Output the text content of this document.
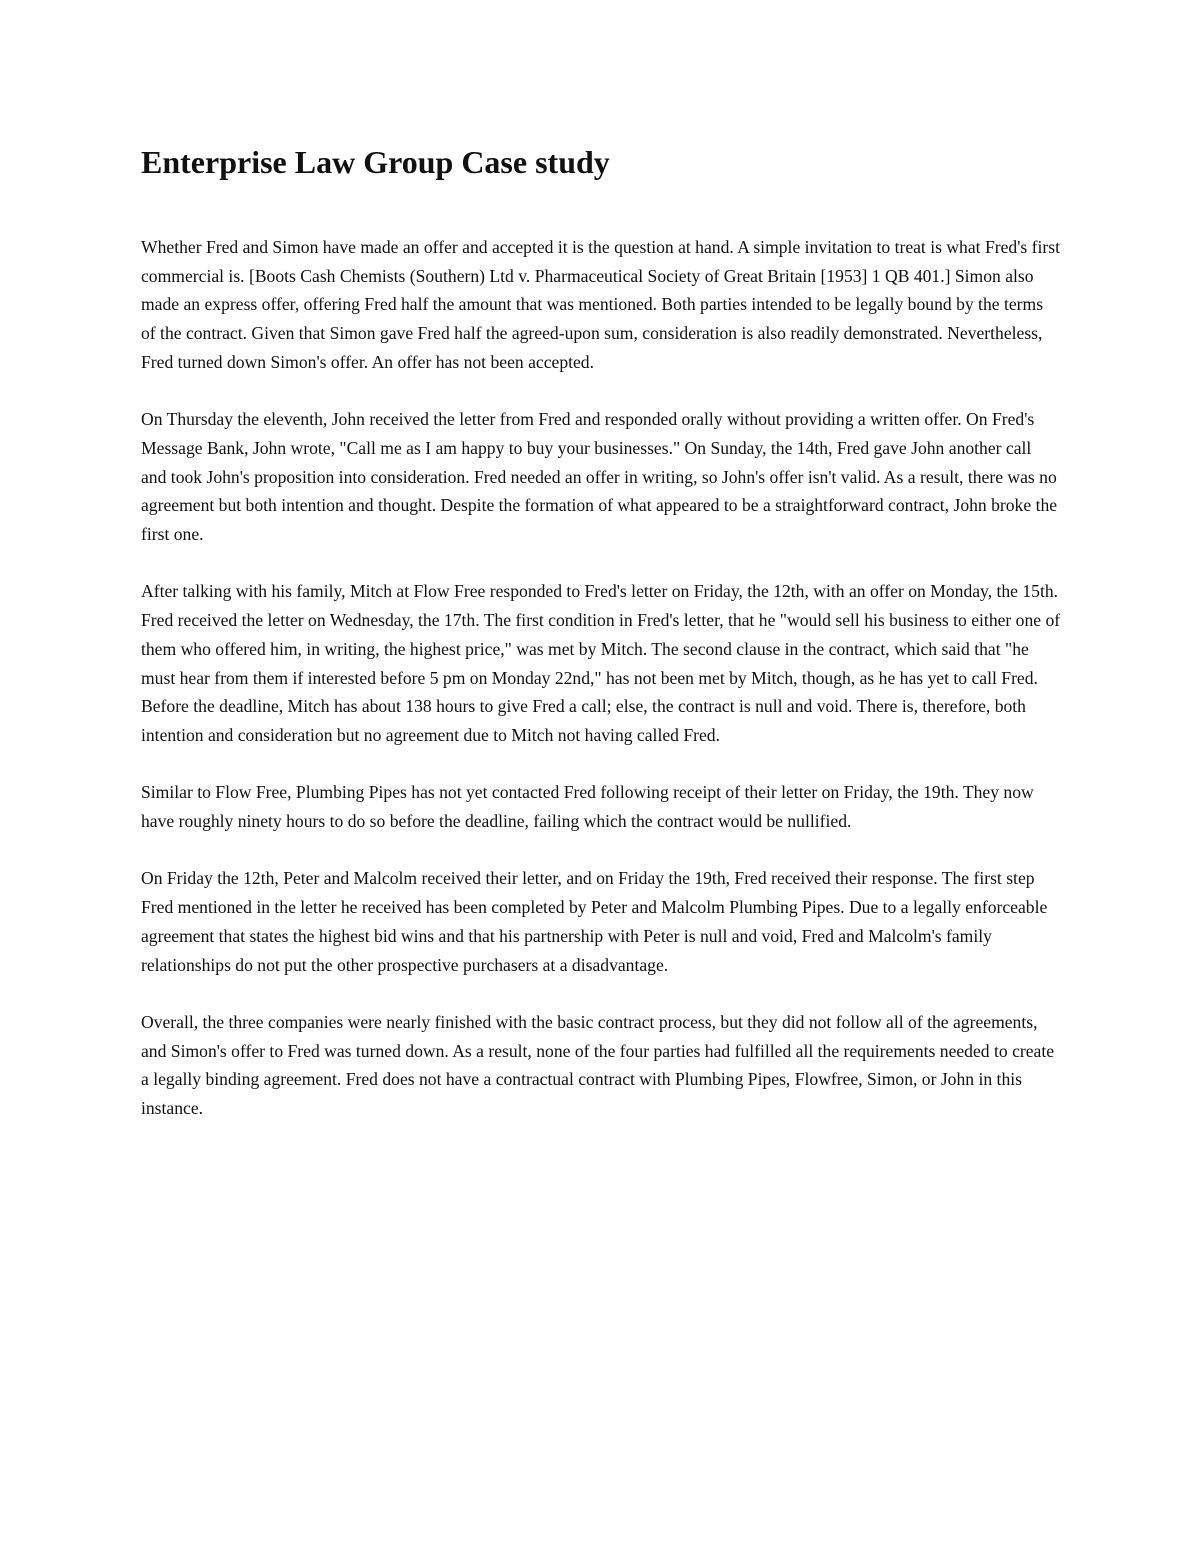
Enterprise Law Group Case study

Whether Fred and Simon have made an offer and accepted it is the question at hand. A simple invitation to treat is what Fred's first commercial is. [Boots Cash Chemists (Southern) Ltd v. Pharmaceutical Society of Great Britain [1953] 1 QB 401.] Simon also made an express offer, offering Fred half the amount that was mentioned. Both parties intended to be legally bound by the terms of the contract. Given that Simon gave Fred half the agreed-upon sum, consideration is also readily demonstrated. Nevertheless, Fred turned down Simon's offer. An offer has not been accepted.

On Thursday the eleventh, John received the letter from Fred and responded orally without providing a written offer. On Fred's Message Bank, John wrote, "Call me as I am happy to buy your businesses." On Sunday, the 14th, Fred gave John another call and took John's proposition into consideration. Fred needed an offer in writing, so John's offer isn't valid. As a result, there was no agreement but both intention and thought. Despite the formation of what appeared to be a straightforward contract, John broke the first one.

After talking with his family, Mitch at Flow Free responded to Fred's letter on Friday, the 12th, with an offer on Monday, the 15th. Fred received the letter on Wednesday, the 17th. The first condition in Fred's letter, that he "would sell his business to either one of them who offered him, in writing, the highest price," was met by Mitch. The second clause in the contract, which said that "he must hear from them if interested before 5 pm on Monday 22nd," has not been met by Mitch, though, as he has yet to call Fred. Before the deadline, Mitch has about 138 hours to give Fred a call; else, the contract is null and void. There is, therefore, both intention and consideration but no agreement due to Mitch not having called Fred.

Similar to Flow Free, Plumbing Pipes has not yet contacted Fred following receipt of their letter on Friday, the 19th. They now have roughly ninety hours to do so before the deadline, failing which the contract would be nullified.

On Friday the 12th, Peter and Malcolm received their letter, and on Friday the 19th, Fred received their response. The first step Fred mentioned in the letter he received has been completed by Peter and Malcolm Plumbing Pipes. Due to a legally enforceable agreement that states the highest bid wins and that his partnership with Peter is null and void, Fred and Malcolm's family relationships do not put the other prospective purchasers at a disadvantage.

Overall, the three companies were nearly finished with the basic contract process, but they did not follow all of the agreements, and Simon's offer to Fred was turned down. As a result, none of the four parties had fulfilled all the requirements needed to create a legally binding agreement. Fred does not have a contractual contract with Plumbing Pipes, Flowfree, Simon, or John in this instance.
